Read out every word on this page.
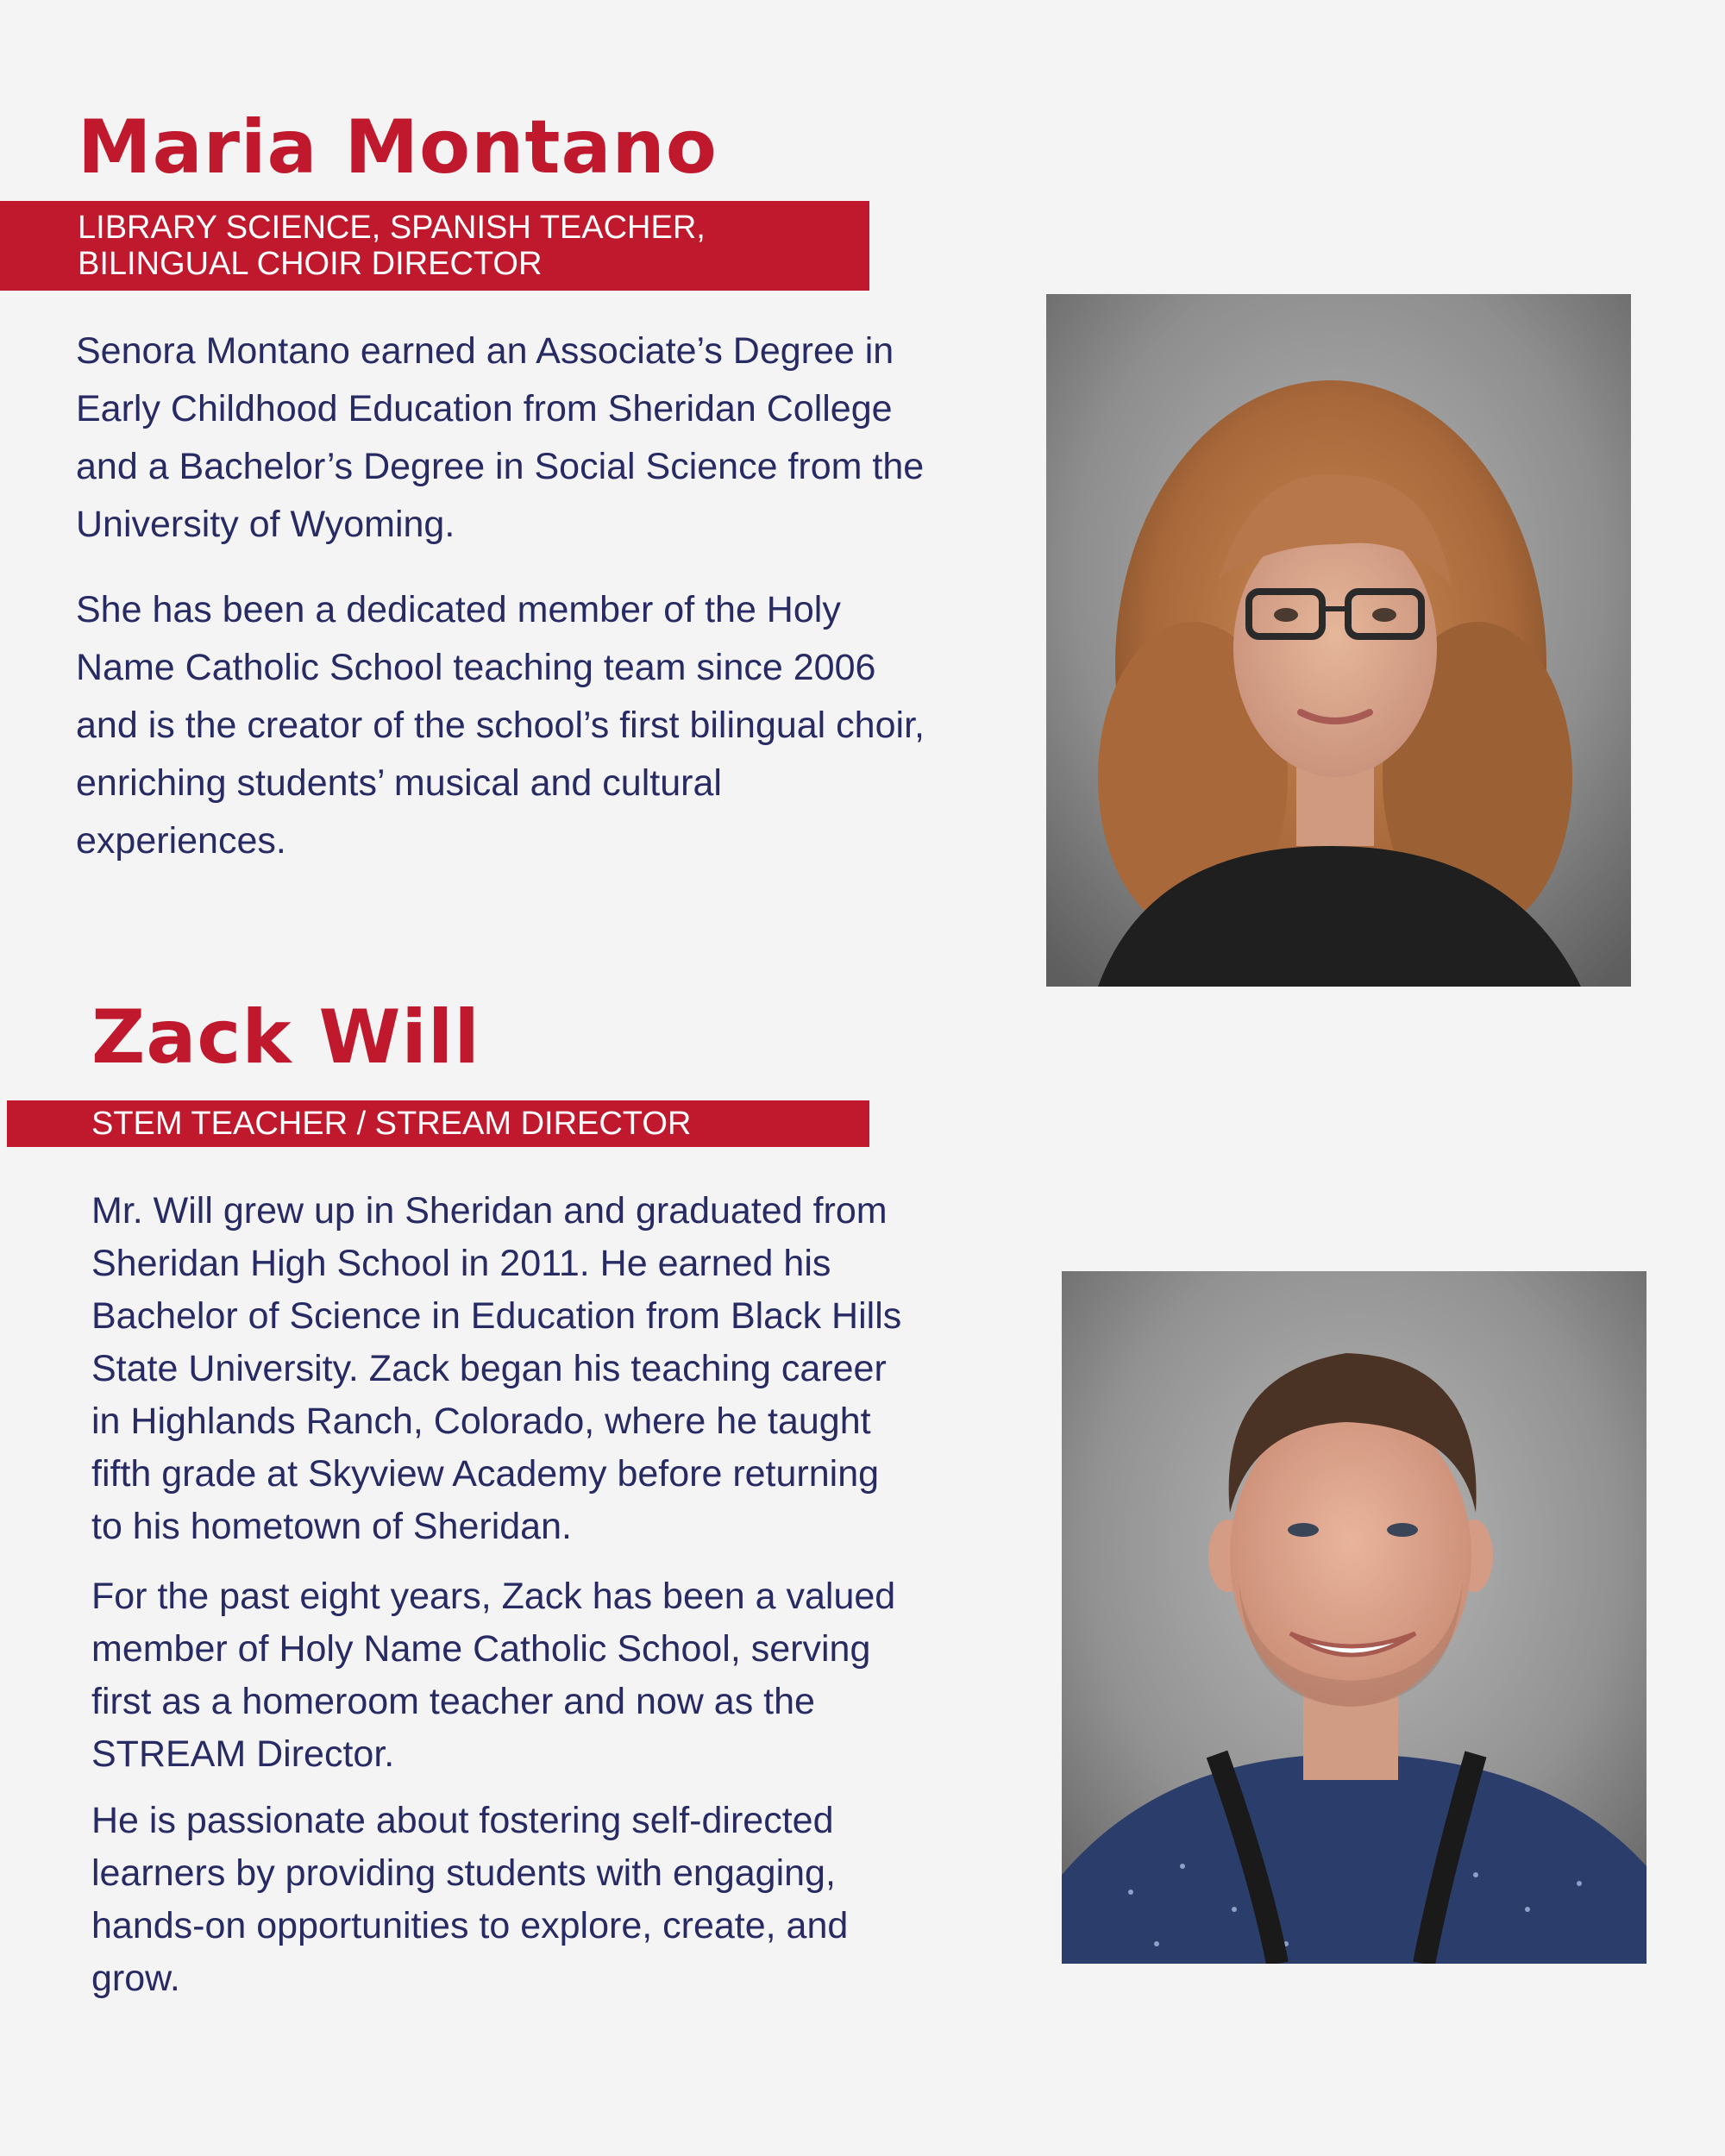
Maria Montano
LIBRARY SCIENCE, SPANISH TEACHER,
BILINGUAL CHOIR DIRECTOR

Senora Montano earned an Associate’s Degree in Early Childhood Education from Sheridan College and a Bachelor’s Degree in Social Science from the University of Wyoming.

She has been a dedicated member of the Holy Name Catholic School teaching team since 2006 and is the creator of the school’s first bilingual choir, enriching students’ musical and cultural experiences.

Zack Will
STEM TEACHER / STREAM DIRECTOR

Mr. Will grew up in Sheridan and graduated from Sheridan High School in 2011. He earned his Bachelor of Science in Education from Black Hills State University. Zack began his teaching career in Highlands Ranch, Colorado, where he taught fifth grade at Skyview Academy before returning to his hometown of Sheridan.

For the past eight years, Zack has been a valued member of Holy Name Catholic School, serving first as a homeroom teacher and now as the STREAM Director.

He is passionate about fostering self-directed learners by providing students with engaging, hands-on opportunities to explore, create, and grow.
